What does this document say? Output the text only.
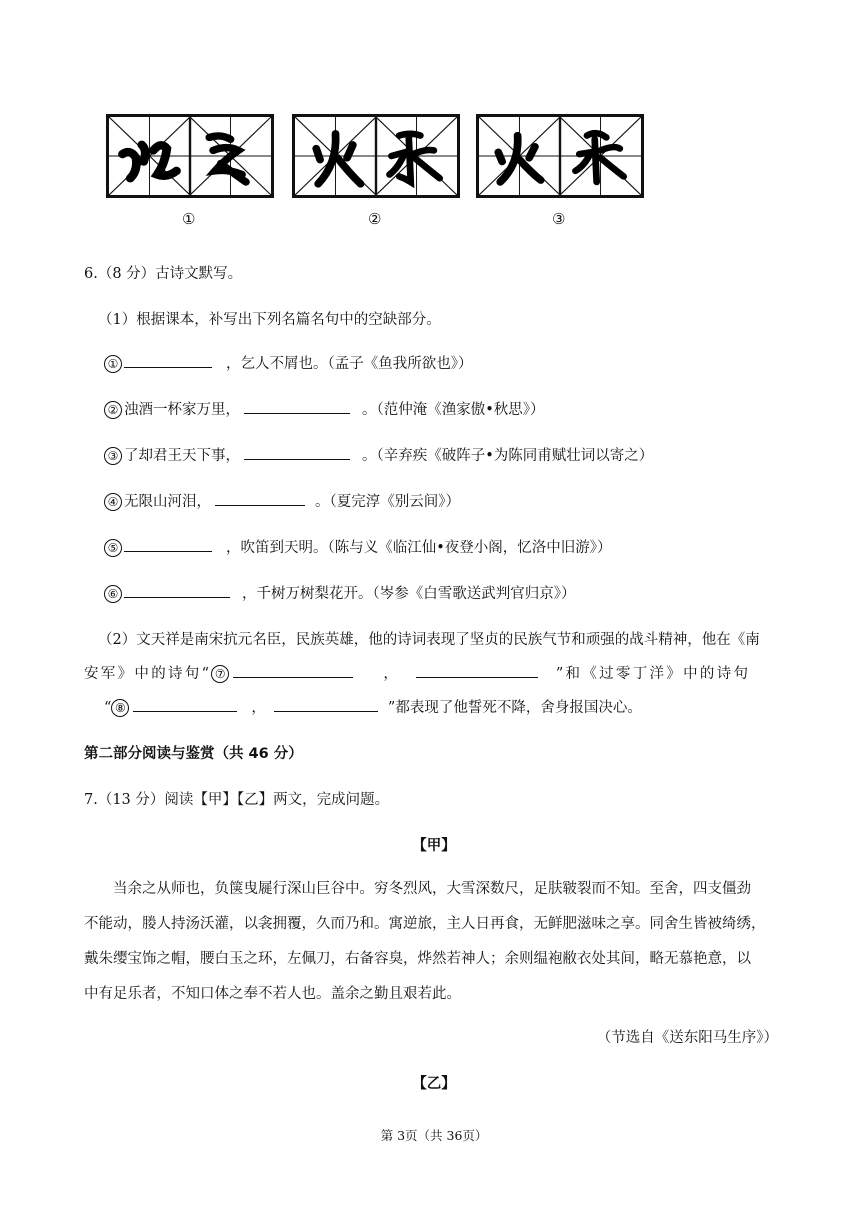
①	②	③
6.（8 分）古诗文默写。
（1）根据课本，补写出下列名篇名句中的空缺部分。
①	，乞人不屑也。（孟子《鱼我所欲也》）
② 浊酒一杯家万里，	。（范仲淹《渔家傲•秋思》）
③ 了却君王天下事，	。（辛弃疾《破阵子•为陈同甫赋壮词以寄之）
④ 无限山河泪，	。（夏完淳《别云间》）
⑤	，吹笛到天明。（陈与义《临江仙•夜登小阁，忆洛中旧游》）
⑥	，千树万树梨花开。（岑参《白雪歌送武判官归京》）
（2）文天祥是南宋抗元名臣，民族英雄，他的诗词表现了坚贞的民族气节和顽强的战斗精神，他在《南
安军》中的诗句“ ⑦	，	”和《过零丁洋》中的诗句
“ ⑧	，	”都表现了他誓死不降，舍身报国决心。
第二部分阅读与鉴赏（共 46 分）
7.（13 分）阅读【甲】【乙】两文，完成问题。
【甲】
当余之从师也，负箧曳屣行深山巨谷中。穷冬烈风，大雪深数尺，足肤皲裂而不知。至舍，四支僵劲
不能动，媵人持汤沃灌，以衾拥覆，久而乃和。寓逆旅，主人日再食，无鲜肥滋味之享。同舍生皆被绮绣，
戴朱缨宝饰之帽，腰白玉之环，左佩刀，右备容臭，烨然若神人；余则缊袍敝衣处其间，略无慕艳意，以
中有足乐者，不知口体之奉不若人也。盖余之勤且艰若此。
（节选自《送东阳马生序》）
【乙】
第 3页（共 36页）
